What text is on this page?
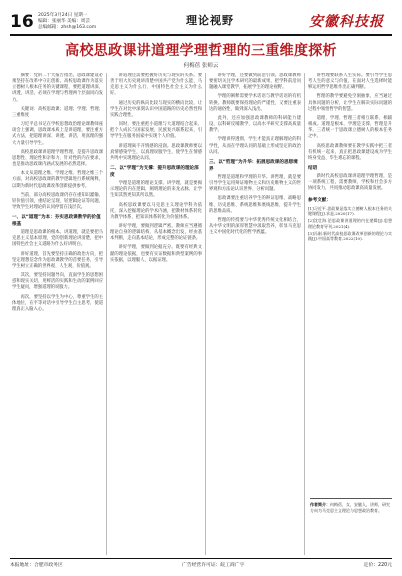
16 2025年3月24日 星期一
编辑：张丽华 美编：周芸
总编邮箱：zhsh@163.com
理论视野	安徽科技报
高校思政课讲道理学理哲理的三重维度探析
何梅蓓 张师云

摘要：党的二十大报告指出，思政课建设必须坚持在改革中守正创新。高校思政课作为落实立德树人根本任务的关键课程，要把道理讲深、讲透、讲活，必须在学理与哲理两个层面同向发力。

关键词：高校思政课；道理；学理；哲理；三重维度

习近平总书记在学校思想政治理论课教师座谈会上强调，思政课本质上是讲道理，要注重方式方法，把道理讲深、讲透、讲活，用真理的强大力量引导学生。

高校思政课讲道理学理哲理，是提升思政课思想性、理论性和亲和力、针对性的内在要求，也是推动思政课内涵式发展的必然选择。

本文从道理之维、学理之维、哲理之维三个方面，对高校思政课的教学逻辑进行系统阐释，以期为新时代思政课改革创新提供参考。

当前，部分高校思政课仍存在重知识灌输、轻价值引领，重结论呈现、轻逻辑论证等问题，导致学生对理论的认同停留在浅层次。

一、以“道理”为本：夯实思政课教学的价值根基

道理是思政课的根本。讲道理，就是要把马克思主义基本原理、党的创新理论讲清楚，把中国特色社会主义道路为什么好讲明白。

讲好道理，首先要坚持正确的政治方向，把坚定理想信念作为思政课教学的首要任务，引导学生树立正确的世界观、人生观、价值观。

其次，要坚持问题导向，直面学生的思想困惑和现实关切，用鲜活的实践和生动的案例回应学生疑问，增强道理的说服力。

再次，要坚持以学生为中心，尊重学生的主体地位，在平等对话中引导学生自主思考，使道理真正入脑入心。

讲道理还需要把握好历史与现实的关系。要善于用大历史观讲清楚中国共产党为什么能、马克思主义为什么行、中国特色社会主义为什么好。

通过历史的纵向比较与现实的横向比较，让学生在对比中深刻认识中国道路的历史必然性和实践合理性。

同时，要注重把小道理与大道理结合起来，把个人成长与国家发展、民族复兴联系起来，引导学生在服务国家中实现个人价值。

讲道理离不开情感的浸润。思政课教师要以真情感染学生，以真理说服学生，使学生在情感共鸣中实现理论认同。

二、以“学理”为支撑：提升思政课的理论深度

学理是道理的理论支撑。讲学理，就是要揭示理论的内在逻辑，阐明理论的来龙去脉，让学生知其然更知其所以然。

高校思政课要以马克思主义理论学科为依托，深入挖掘理论的学术内涵，把教材体系转化为教学体系，把知识体系转化为价值体系。

讲好学理，要做到逻辑严密。教师应当遵循理论自身的逻辑结构，从基本概念出发，经由基本判断，走向基本结论，形成完整的论证链条。

讲好学理，要做到论据充分。既要有经典文献的理论依据，也要有实证数据和典型案例的事实依据，以理服人、以据证理。

讲好学理，还要做到前沿引领。思政课教师要密切关注学术研究的最新成果，把学科前沿问题融入课堂教学，拓展学生的理论视野。

学理的阐释需要学术话语与教学话语的有机转换。教师既要保持理论的严谨性，又要注重表达的通俗性，做到深入浅出。

此外，还应加强思政课教师的科研能力建设，以科研反哺教学，以高水平研究支撑高质量教学。

学理讲得透彻，学生才能真正理解理论的科学性，从而在学理认同的基础上形成坚定的政治认同。

三、以“哲理”为升华：拓展思政课的思想境界

哲理是道理和学理的升华。讲哲理，就是要引导学生运用辩证唯物主义和历史唯物主义的世界观和方法论认识世界、分析问题。

思政课要注重培养学生的辩证思维、战略思维、历史思维、系统思维和底线思维，提升学生的思维品质。

哲理的传授要与中华优秀传统文化相结合，从中华文明的深厚智慧中汲取营养，彰显马克思主义中国化时代化的哲学底蕴。

讲哲理要联系人生实际。要引导学生思考人生的意义与价值，在面对人生选择时能够运用哲学思维作出正确判断。

哲理的教学要避免空洞抽象，应当通过具体问题的分析，让学生在解决实际问题的过程中领悟哲学的智慧。

道理、学理、哲理三者相互联系、相辅相成。道理是根本，学理是支撑，哲理是升华，三者统一于思政课立德树人的根本任务之中。

高校思政课教师要在教学实践中把三者有机统一起来，真正把思政课建设成为学生终身受益、毕生难忘的课程。

结语

新时代高校思政课讲道理学理哲理，是一项系统工程，需要教师、学校和社会多方协同发力，共同推动思政课高质量发展。

参考文献：

[1]习近平.思政课是落实立德树人根本任务的关键课程[J].求是,2020(17).

[2]沈壮海.论思政课讲道理的内在逻辑[J].思想理论教育导刊,2021(4).

[3]冯刚.新时代高校思政课改革创新的理论与实践[J].中国高等教育,2022(10).

作者简介：何梅蓓，女，安徽人，讲师，研究方向为马克思主义理论与思想政治教育。

本报地址：合肥市政务区	广告经营许可证：皖工商广字	定价：220元
